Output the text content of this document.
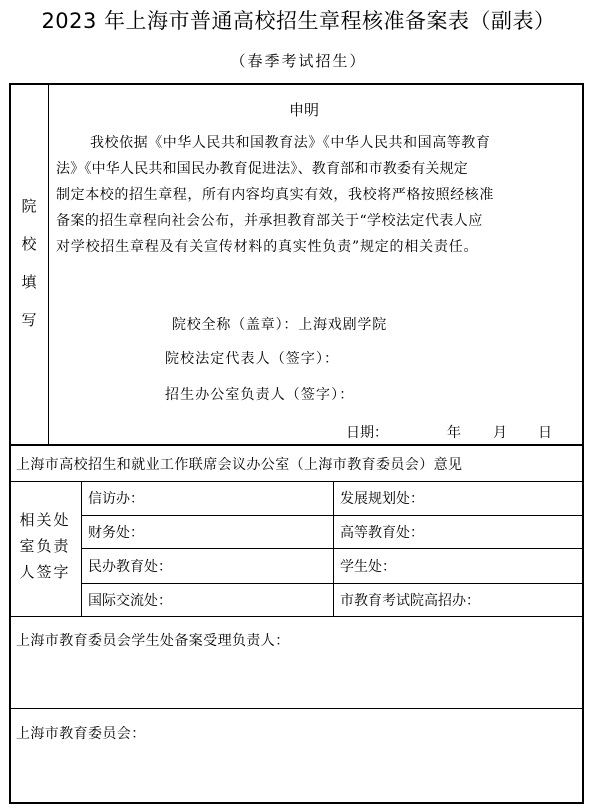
2023 年上海市普通高校招生章程核准备案表（副表）
（春季考试招生）
院
校
填
写
申明
我校依据《中华人民共和国教育法》《中华人民共和国高等教育
法》《中华人民共和国民办教育促进法》、教育部和市教委有关规定
制定本校的招生章程，所有内容均真实有效，我校将严格按照经核准
备案的招生章程向社会公布，并承担教育部关于“学校法定代表人应
对学校招生章程及有关宣传材料的真实性负责”规定的相关责任。
院校全称（盖章）：上海戏剧学院
院校法定代表人（签字）：
招生办公室负责人（签字）：
日期：	年 月 日
上海市高校招生和就业工作联席会议办公室（上海市教育委员会）意见
相关处室负责人签字
信访办：	发展规划处：
财务处：	高等教育处：
民办教育处：	学生处：
国际交流处：	市教育考试院高招办：
上海市教育委员会学生处备案受理负责人：
上海市教育委员会：
